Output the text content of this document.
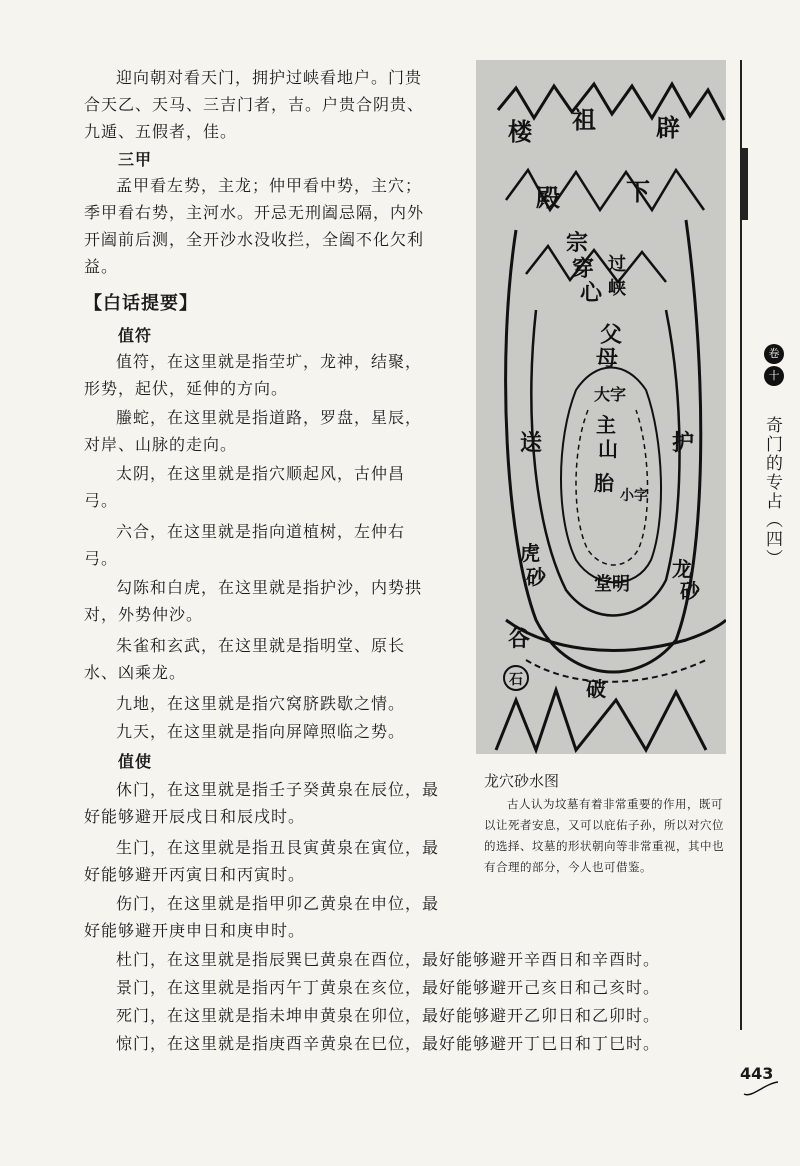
迎向朝对看天门，拥护过峡看地户。门贵合天乙、天马、三吉门者，吉。户贵合阴贵、九遁、五假者，佳。
三甲
孟甲看左势，主龙；仲甲看中势，主穴；季甲看右势，主河水。开忌无刑阖忌隔，内外开阖前后测，全开沙水没收拦，全阖不化欠利益。
【白话提要】
值符
值符，在这里就是指茔圹，龙神，结聚，形势，起伏，延伸的方向。
螣蛇，在这里就是指道路，罗盘，星辰，对岸、山脉的走向。
太阴，在这里就是指穴顺起风，古仲昌弓。
六合，在这里就是指向道植树，左仲右弓。
勾陈和白虎，在这里就是指护沙，内势拱对，外势仲沙。
朱雀和玄武，在这里就是指明堂、原长水、凶乘龙。
九地，在这里就是指穴窝脐跌歇之情。
九天，在这里就是指向屏障照临之势。
值使
休门，在这里就是指壬子癸黄泉在辰位，最好能够避开辰戌日和辰戌时。
生门，在这里就是指丑艮寅黄泉在寅位，最好能够避开丙寅日和丙寅时。
伤门，在这里就是指甲卯乙黄泉在申位，最好能够避开庚申日和庚申时。
杜门，在这里就是指辰巽巳黄泉在酉位，最好能够避开辛酉日和辛酉时。
景门，在这里就是指丙午丁黄泉在亥位，最好能够避开己亥日和己亥时。
死门，在这里就是指未坤申黄泉在卯位，最好能够避开乙卯日和乙卯时。
惊门，在这里就是指庚酉辛黄泉在巳位，最好能够避开丁巳日和丁巳时。
楼 祖	辟
殿	下
宗
穿
心
过
峡
父
母
大字
主
山
胎
小字
送	护
虎
砂	堂明
龙
砂
谷
石	破
龙穴砂水图
古人认为坟墓有着非常重要的作用，既可以让死者安息，又可以庇佑子孙，所以对穴位的选择、坟墓的形状朝向等非常重视，其中也有合理的部分，今人也可借鉴。
卷
十
奇门的专占（四）
443
